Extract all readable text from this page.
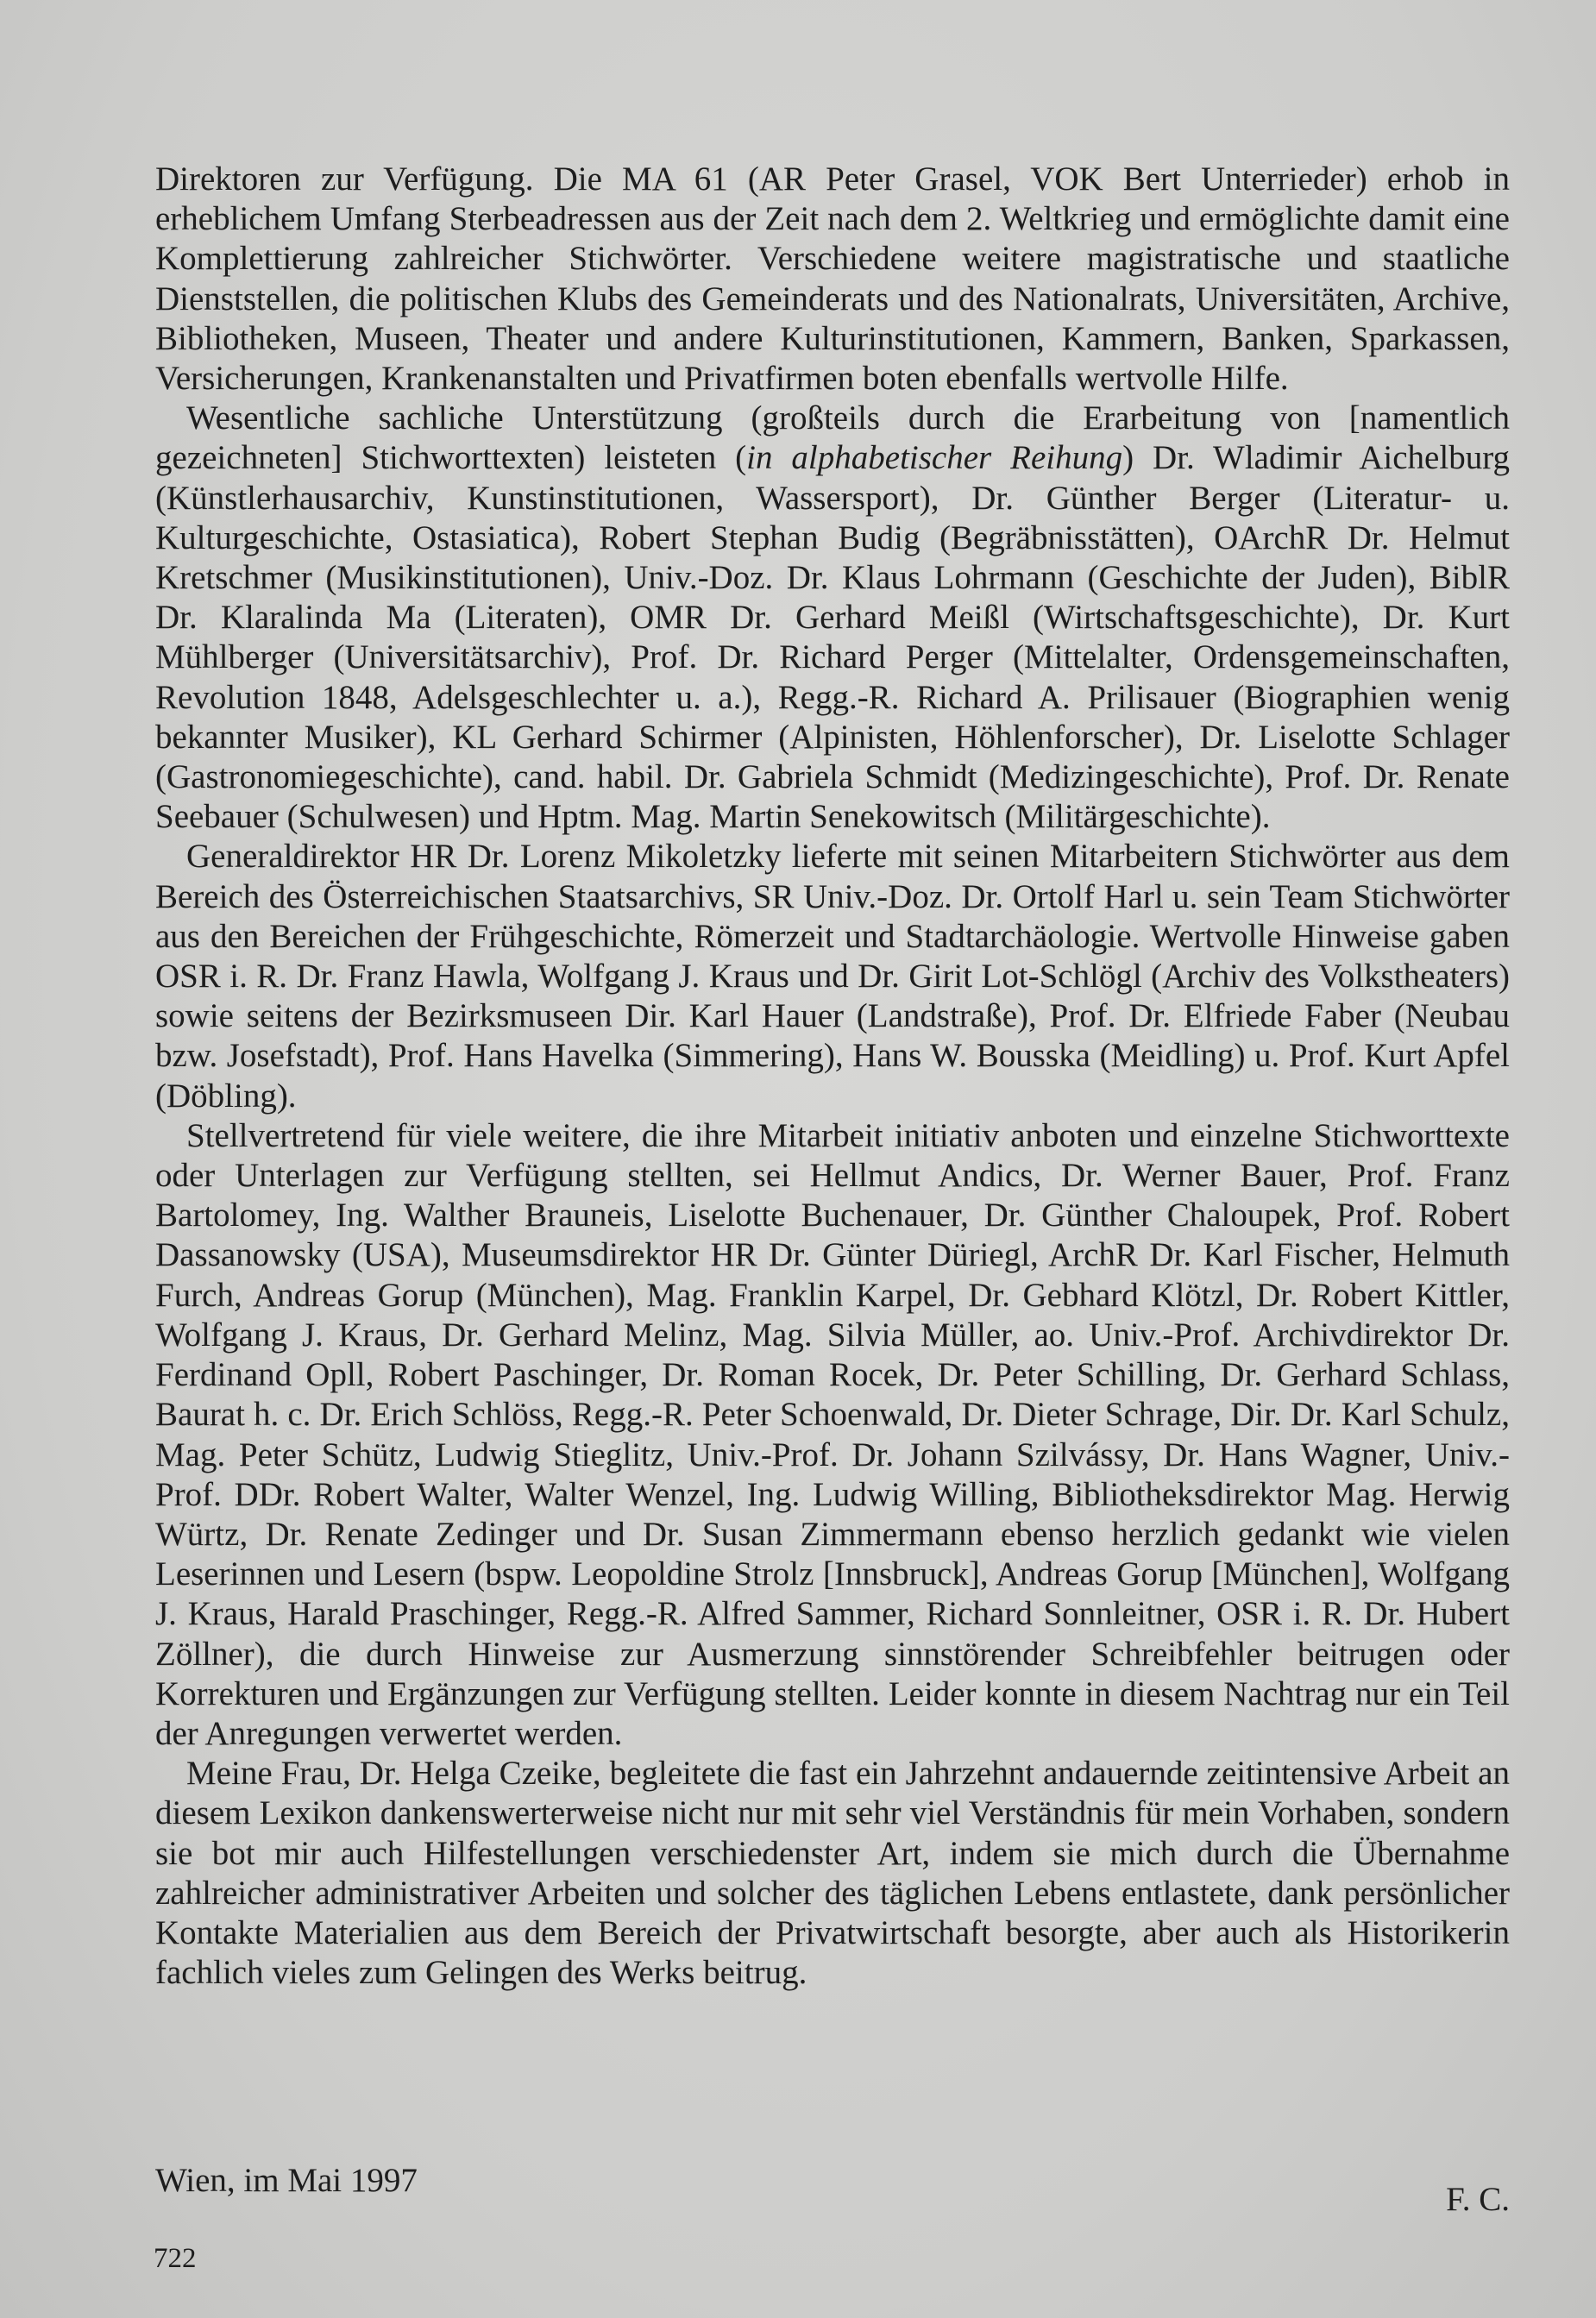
Direktoren zur Verfügung. Die MA 61 (AR Peter Grasel, VOK Bert Unterrieder) erhob in erheblichem Umfang Sterbeadressen aus der Zeit nach dem 2. Weltkrieg und ermöglichte damit eine Komplettierung zahlreicher Stichwörter. Verschiedene weitere magistratische und staatliche Dienststellen, die politischen Klubs des Gemeinderats und des Nationalrats, Universitäten, Archive, Bibliotheken, Museen, Theater und andere Kulturinstitutionen, Kammern, Banken, Sparkassen, Versicherungen, Krankenanstalten und Privatfirmen boten ebenfalls wertvolle Hilfe.

Wesentliche sachliche Unterstützung (großteils durch die Erarbeitung von [namentlich gezeichneten] Stichworttexten) leisteten (in alphabetischer Reihung) Dr. Wladimir Aichelburg (Künstlerhausarchiv, Kunstinstitutionen, Wassersport), Dr. Günther Berger (Literatur- u. Kulturgeschichte, Ostasiatica), Robert Stephan Budig (Begräbnisstätten), OArchR Dr. Helmut Kretschmer (Musikinstitutionen), Univ.-Doz. Dr. Klaus Lohrmann (Geschichte der Juden), BiblR Dr. Klaralinda Ma (Literaten), OMR Dr. Gerhard Meißl (Wirtschaftsgeschichte), Dr. Kurt Mühlberger (Universitätsarchiv), Prof. Dr. Richard Perger (Mittelalter, Ordensgemeinschaften, Revolution 1848, Adelsgeschlechter u. a.), Regg.-R. Richard A. Prilisauer (Biographien wenig bekannter Musiker), KL Gerhard Schirmer (Alpinisten, Höhlenforscher), Dr. Liselotte Schlager (Gastronomiegeschichte), cand. habil. Dr. Gabriela Schmidt (Medizingeschichte), Prof. Dr. Renate Seebauer (Schulwesen) und Hptm. Mag. Martin Senekowitsch (Militärgeschichte).

Generaldirektor HR Dr. Lorenz Mikoletzky lieferte mit seinen Mitarbeitern Stichwörter aus dem Bereich des Österreichischen Staatsarchivs, SR Univ.-Doz. Dr. Ortolf Harl u. sein Team Stichwörter aus den Bereichen der Frühgeschichte, Römerzeit und Stadtarchäologie. Wertvolle Hinweise gaben OSR i. R. Dr. Franz Hawla, Wolfgang J. Kraus und Dr. Girit Lot-Schlögl (Archiv des Volkstheaters) sowie seitens der Bezirksmuseen Dir. Karl Hauer (Landstraße), Prof. Dr. Elfriede Faber (Neubau bzw. Josefstadt), Prof. Hans Havelka (Simmering), Hans W. Bousska (Meidling) u. Prof. Kurt Apfel (Döbling).

Stellvertretend für viele weitere, die ihre Mitarbeit initiativ anboten und einzelne Stichworttexte oder Unterlagen zur Verfügung stellten, sei Hellmut Andics, Dr. Werner Bauer, Prof. Franz Bartolomey, Ing. Walther Brauneis, Liselotte Buchenauer, Dr. Günther Chaloupek, Prof. Robert Dassanowsky (USA), Museumsdirektor HR Dr. Günter Düriegl, ArchR Dr. Karl Fischer, Helmuth Furch, Andreas Gorup (München), Mag. Franklin Karpel, Dr. Gebhard Klötzl, Dr. Robert Kittler, Wolfgang J. Kraus, Dr. Gerhard Melinz, Mag. Silvia Müller, ao. Univ.-Prof. Archivdirektor Dr. Ferdinand Opll, Robert Paschinger, Dr. Roman Rocek, Dr. Peter Schilling, Dr. Gerhard Schlass, Baurat h. c. Dr. Erich Schlöss, Regg.-R. Peter Schoenwald, Dr. Dieter Schrage, Dir. Dr. Karl Schulz, Mag. Peter Schütz, Ludwig Stieglitz, Univ.-Prof. Dr. Johann Szilvássy, Dr. Hans Wagner, Univ.-Prof. DDr. Robert Walter, Walter Wenzel, Ing. Ludwig Willing, Bibliotheksdirektor Mag. Herwig Würtz, Dr. Renate Zedinger und Dr. Susan Zimmermann ebenso herzlich gedankt wie vielen Leserinnen und Lesern (bspw. Leopoldine Strolz [Innsbruck], Andreas Gorup [München], Wolfgang J. Kraus, Harald Praschinger, Regg.-R. Alfred Sammer, Richard Sonnleitner, OSR i. R. Dr. Hubert Zöllner), die durch Hinweise zur Ausmerzung sinnstörender Schreibfehler beitrugen oder Korrekturen und Ergänzungen zur Verfügung stellten. Leider konnte in diesem Nachtrag nur ein Teil der Anregungen verwertet werden.

Meine Frau, Dr. Helga Czeike, begleitete die fast ein Jahrzehnt andauernde zeitintensive Arbeit an diesem Lexikon dankenswerterweise nicht nur mit sehr viel Verständnis für mein Vorhaben, sondern sie bot mir auch Hilfestellungen verschiedenster Art, indem sie mich durch die Übernahme zahlreicher administrativer Arbeiten und solcher des täglichen Lebens entlastete, dank persönlicher Kontakte Materialien aus dem Bereich der Privatwirtschaft besorgte, aber auch als Historikerin fachlich vieles zum Gelingen des Werks beitrug.

Wien, im Mai 1997
F. C.
722
